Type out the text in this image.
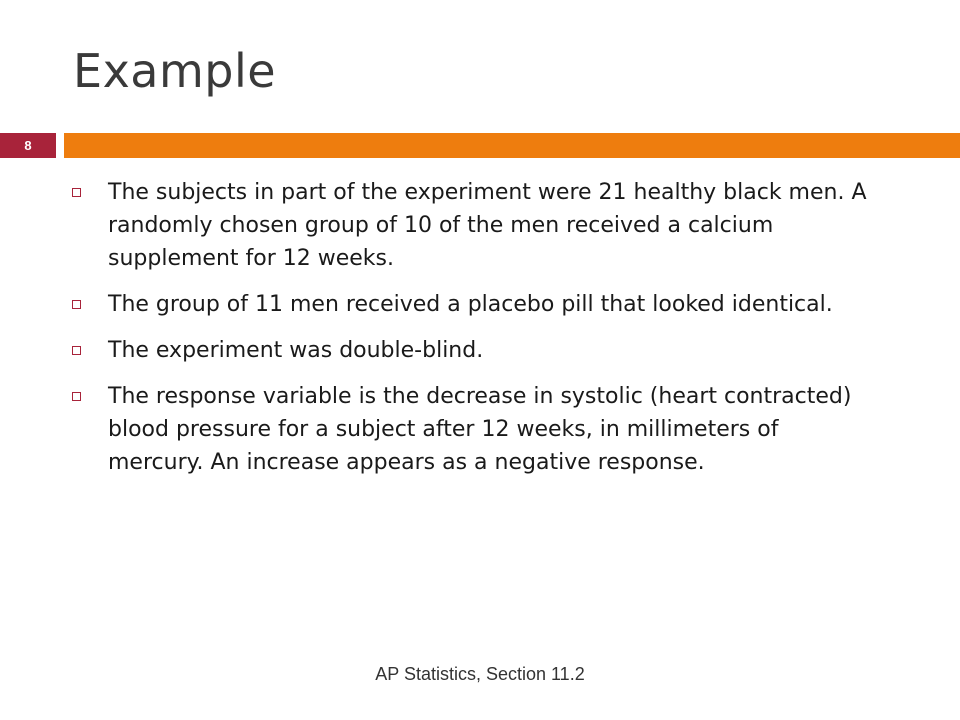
Example
8
The subjects in part of the experiment were 21 healthy black men. A randomly chosen group of 10 of the men received a calcium supplement for 12 weeks.
The group of 11 men received a placebo pill that looked identical.
The experiment was double-blind.
The response variable is the decrease in systolic (heart contracted) blood pressure for a subject after 12 weeks, in millimeters of mercury. An increase appears as a negative response.
AP Statistics, Section 11.2
